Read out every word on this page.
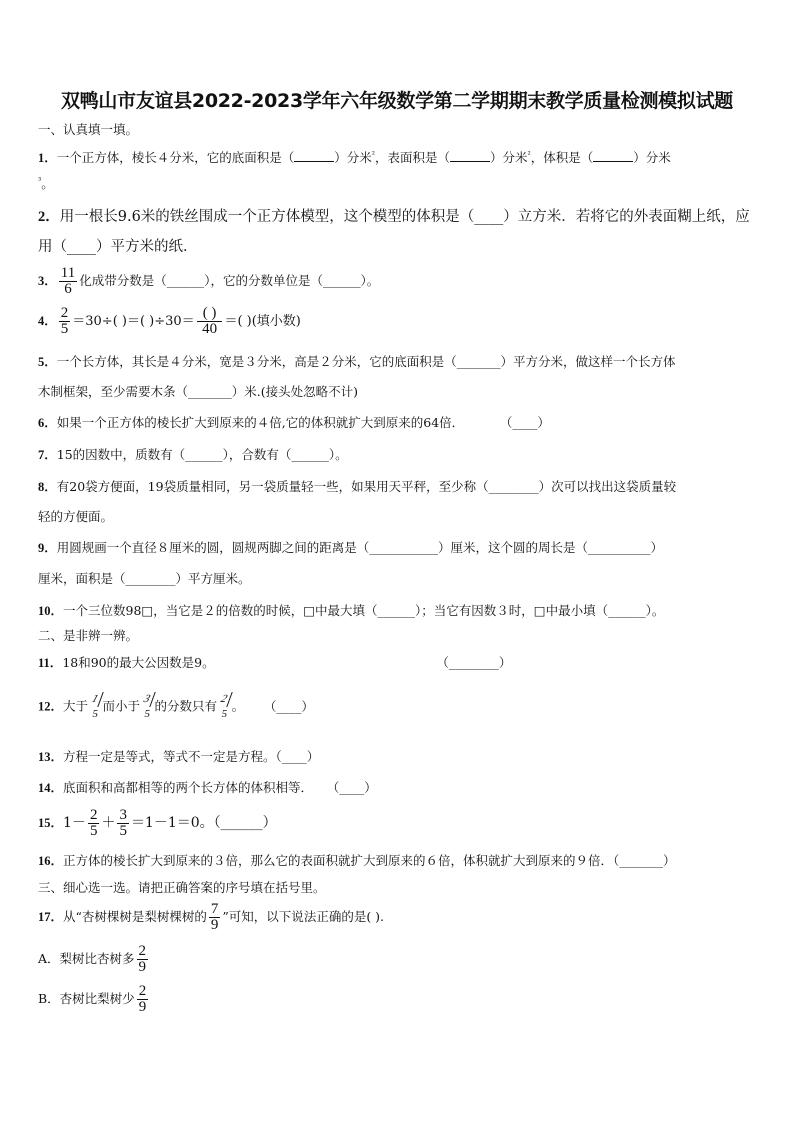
双鸭山市友谊县2022-2023学年六年级数学第二学期期末教学质量检测模拟试题
一、认真填一填。
1．一个正方体，棱长４分米，它的底面积是（	）分米$^{^2}$，表面积是（	）分米$^{^2}$，体积是（	）分米
$^{^3}$。
2．用一根长9.6米的铁丝围成一个正方体模型，这个模型的体积是（____）立方米．若将它的外表面糊上纸，应用（____）平方米的纸．
3． $\frac{11}{6}$ 化成带分数是（______），它的分数单位是（______）。
4． $\frac{2}{5} =30\div$( )＝( )$\div 30= \frac{( )}{40}$ ＝( )(填小数)
5．一个长方体，其长是４分米，宽是３分米，高是２分米，它的底面积是（_______）平方分米，做这样一个长方体
木制框架，至少需要木条（_______）米.(接头处忽略不计)
6．如果一个正方体的棱长扩大到原来的４倍,它的体积就扩大到原来的64倍．	（____）
7．15的因数中，质数有（______），合数有（______）。
8．有20袋方便面，19袋质量相同，另一袋质量轻一些，如果用天平秤，至少称（________）次可以找出这袋质量较
轻的方便面。
9．用圆规画一个直径８厘米的圆，圆规两脚之间的距离是（___________）厘米，这个圆的周长是（__________）
厘米，面积是（________）平方厘米。
10．一个三位数98□，当它是２的倍数的时候，□中最大填（______）；当它有因数３时，□中最小填（______）。
二、是非辨一辨。
11．18和90的最大公因数是9。	（________）
12．大于 1
5
而小于 3
5
的分数只有 2
5
。 （____）
13．方程一定是等式，等式不一定是方程。（____）
14．底面积和高都相等的两个长方体的体积相等． （____）
15．$1- \frac{2}{5} + \frac{3}{5} =1-1=0$。（______）
16．正方体的棱长扩大到原来的３倍，那么它的表面积就扩大到原来的６倍，体积就扩大到原来的９倍．（_______）
三、细心选一选。请把正确答案的序号填在括号里。
17．从“杏树棵树是梨树棵树的 $\frac{7}{9}$ ”可知，以下说法正确的是( ).
A．梨树比杏树多 $\frac{2}{9}$
B．杏树比梨树少 $\frac{2}{9}$
